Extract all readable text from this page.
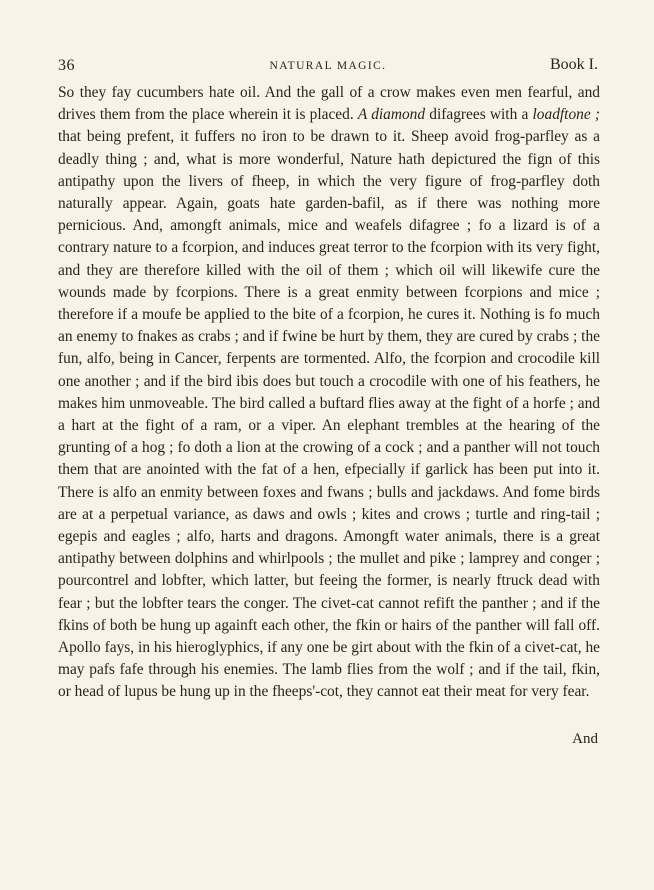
36	NATURAL MAGIC.	Book I.

So they fay cucumbers hate oil. And the gall of a crow makes even men fearful, and drives them from the place wherein it is placed. A diamond difagrees with a loadftone ; that being prefent, it fuffers no iron to be drawn to it. Sheep avoid frog-parfley as a deadly thing ; and, what is more wonderful, Nature hath depictured the fign of this antipathy upon the livers of fheep, in which the very figure of frog-parfley doth naturally appear. Again, goats hate garden-bafil, as if there was nothing more pernicious. And, amongft animals, mice and weafels difagree ; fo a lizard is of a contrary nature to a fcorpion, and induces great terror to the fcorpion with its very fight, and they are therefore killed with the oil of them ; which oil will likewife cure the wounds made by fcorpions. There is a great enmity between fcorpions and mice ; therefore if a moufe be applied to the bite of a fcorpion, he cures it. Nothing is fo much an enemy to fnakes as crabs ; and if fwine be hurt by them, they are cured by crabs ; the fun, alfo, being in Cancer, ferpents are tormented. Alfo, the fcorpion and crocodile kill one another ; and if the bird ibis does but touch a crocodile with one of his feathers, he makes him unmoveable. The bird called a buftard flies away at the fight of a horfe ; and a hart at the fight of a ram, or a viper. An elephant trembles at the hearing of the grunting of a hog ; fo doth a lion at the crowing of a cock ; and a panther will not touch them that are anointed with the fat of a hen, efpecially if garlick has been put into it. There is alfo an enmity between foxes and fwans ; bulls and jackdaws. And fome birds are at a perpetual variance, as daws and owls ; kites and crows ; turtle and ring-tail ; egepis and eagles ; alfo, harts and dragons. Amongft water animals, there is a great antipathy between dolphins and whirlpools ; the mullet and pike ; lamprey and conger ; pourcontrel and lobfter, which latter, but feeing the former, is nearly ftruck dead with fear ; but the lobfter tears the conger. The civet-cat cannot refift the panther ; and if the fkins of both be hung up againft each other, the fkin or hairs of the panther will fall off. Apollo fays, in his hieroglyphics, if any one be girt about with the fkin of a civet-cat, he may pafs fafe through his enemies. The lamb flies from the wolf ; and if the tail, fkin, or head of lupus be hung up in the fheeps'-cot, they cannot eat their meat for very fear.

And
